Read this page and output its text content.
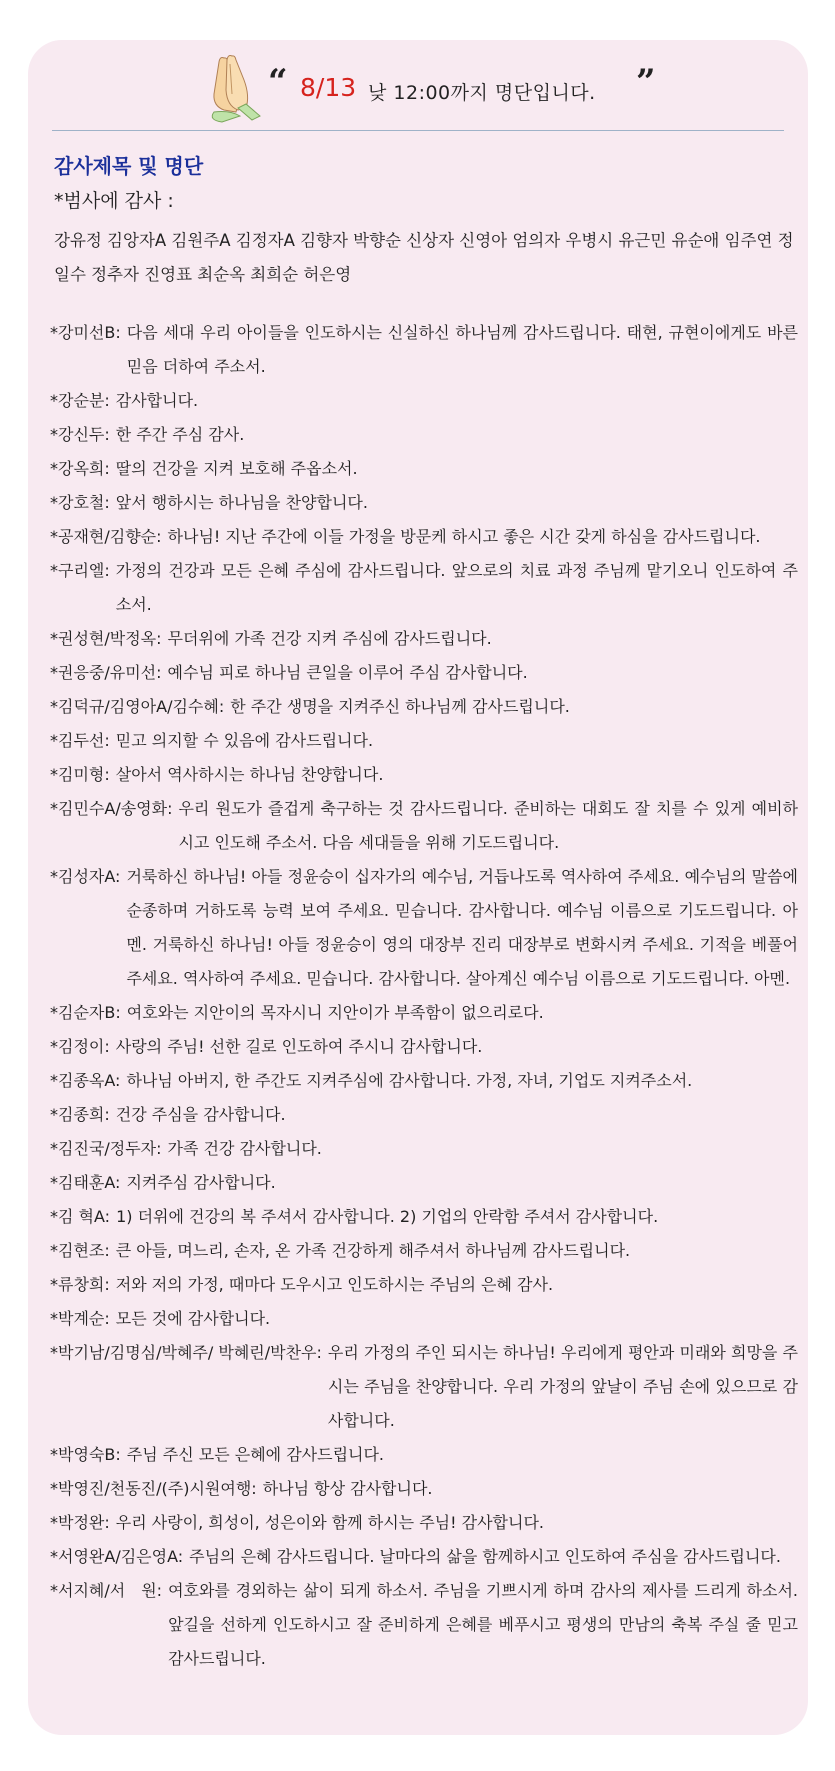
“ 8/13 낮 12:00까지 명단입니다. ”
감사제목 및 명단
*범사에 감사 :
강유정 김앙자A 김원주A 김정자A 김향자 박향순 신상자 신영아 엄의자 우병시 유근민 유순애 임주연 정일수 정추자 진영표 최순옥 최희순 허은영
*강미선B: 다음 세대 우리 아이들을 인도하시는 신실하신 하나님께 감사드립니다. 태현, 규현이에게도 바른 믿음 더하여 주소서.
*강순분: 감사합니다.
*강신두: 한 주간 주심 감사.
*강옥희: 딸의 건강을 지켜 보호해 주옵소서.
*강호철: 앞서 행하시는 하나님을 찬양합니다.
*공재현/김향순: 하나님! 지난 주간에 이들 가정을 방문케 하시고 좋은 시간 갖게 하심을 감사드립니다.
*구리엘: 가정의 건강과 모든 은혜 주심에 감사드립니다. 앞으로의 치료 과정 주님께 맡기오니 인도하여 주소서.
*권성현/박정옥: 무더위에 가족 건강 지켜 주심에 감사드립니다.
*권응중/유미선: 예수님 피로 하나님 큰일을 이루어 주심 감사합니다.
*김덕규/김영아A/김수혜: 한 주간 생명을 지켜주신 하나님께 감사드립니다.
*김두선: 믿고 의지할 수 있음에 감사드립니다.
*김미형: 살아서 역사하시는 하나님 찬양합니다.
*김민수A/송영화: 우리 원도가 즐겁게 축구하는 것 감사드립니다. 준비하는 대회도 잘 치를 수 있게 예비하시고 인도해 주소서. 다음 세대들을 위해 기도드립니다.
*김성자A: 거룩하신 하나님! 아들 정윤승이 십자가의 예수님, 거듭나도록 역사하여 주세요. 예수님의 말씀에 순종하며 거하도록 능력 보여 주세요. 믿습니다. 감사합니다. 예수님 이름으로 기도드립니다. 아멘. 거룩하신 하나님! 아들 정윤승이 영의 대장부 진리 대장부로 변화시켜 주세요. 기적을 베풀어 주세요. 역사하여 주세요. 믿습니다. 감사합니다. 살아계신 예수님 이름으로 기도드립니다. 아멘.
*김순자B: 여호와는 지안이의 목자시니 지안이가 부족함이 없으리로다.
*김정이: 사랑의 주님! 선한 길로 인도하여 주시니 감사합니다.
*김종옥A: 하나님 아버지, 한 주간도 지켜주심에 감사합니다. 가정, 자녀, 기업도 지켜주소서.
*김종희: 건강 주심을 감사합니다.
*김진국/정두자: 가족 건강 감사합니다.
*김태훈A: 지켜주심 감사합니다.
*김 혁A: 1) 더위에 건강의 복 주셔서 감사합니다. 2) 기업의 안락함 주셔서 감사합니다.
*김현조: 큰 아들, 며느리, 손자, 온 가족 건강하게 해주셔서 하나님께 감사드립니다.
*류창희: 저와 저의 가정, 때마다 도우시고 인도하시는 주님의 은혜 감사.
*박계순: 모든 것에 감사합니다.
*박기남/김명심/박혜주/ 박혜린/박찬우: 우리 가정의 주인 되시는 하나님! 우리에게 평안과 미래와 희망을 주시는 주님을 찬양합니다. 우리 가정의 앞날이 주님 손에 있으므로 감사합니다.
*박영숙B: 주님 주신 모든 은혜에 감사드립니다.
*박영진/천동진/(주)시원여행: 하나님 항상 감사합니다.
*박정완: 우리 사랑이, 희성이, 성은이와 함께 하시는 주님! 감사합니다.
*서영완A/김은영A: 주님의 은혜 감사드립니다. 날마다의 삶을 함께하시고 인도하여 주심을 감사드립니다.
*서지혜/서　원: 여호와를 경외하는 삶이 되게 하소서. 주님을 기쁘시게 하며 감사의 제사를 드리게 하소서. 앞길을 선하게 인도하시고 잘 준비하게 은혜를 베푸시고 평생의 만남의 축복 주실 줄 믿고 감사드립니다.
